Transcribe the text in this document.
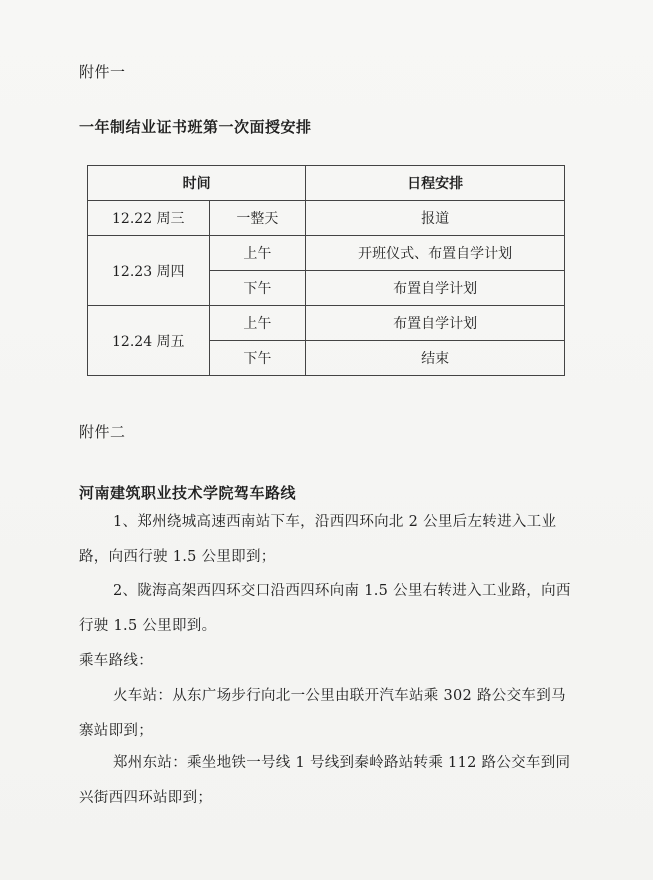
附件一
一年制结业证书班第一次面授安排
时间		日程安排
12.22 周三	一整天	报道
12.23 周四	上午	开班仪式、布置自学计划
	下午	布置自学计划
12.24 周五	上午	布置自学计划
	下午	结束
附件二
河南建筑职业技术学院驾车路线
1、郑州绕城高速西南站下车，沿西四环向北 2 公里后左转进入工业路，向西行驶 1.5 公里即到；
2、陇海高架西四环交口沿西四环向南 1.5 公里右转进入工业路，向西行驶 1.5 公里即到。
乘车路线：
火车站：从东广场步行向北一公里由联开汽车站乘 302 路公交车到马寨站即到；
郑州东站：乘坐地铁一号线 1 号线到秦岭路站转乘 112 路公交车到同兴街西四环站即到；
